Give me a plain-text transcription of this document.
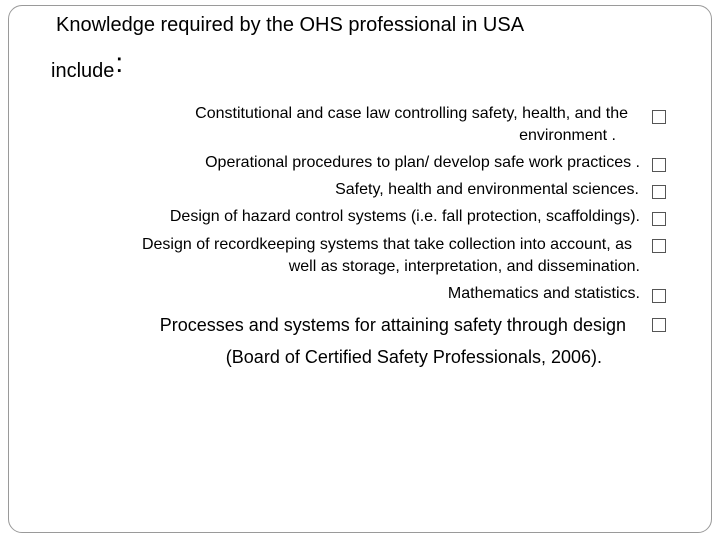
Knowledge required by the OHS professional in USA
include:
Constitutional and case law controlling safety, health, and the
environment .
Operational procedures to plan/ develop safe work practices .
Safety, health and environmental sciences.
Design of hazard control systems (i.e. fall protection, scaffoldings).
Design of recordkeeping systems that take collection into account, as
well as storage, interpretation, and dissemination.
Mathematics and statistics.
Processes and systems for attaining safety through design
(Board of Certified Safety Professionals, 2006).
